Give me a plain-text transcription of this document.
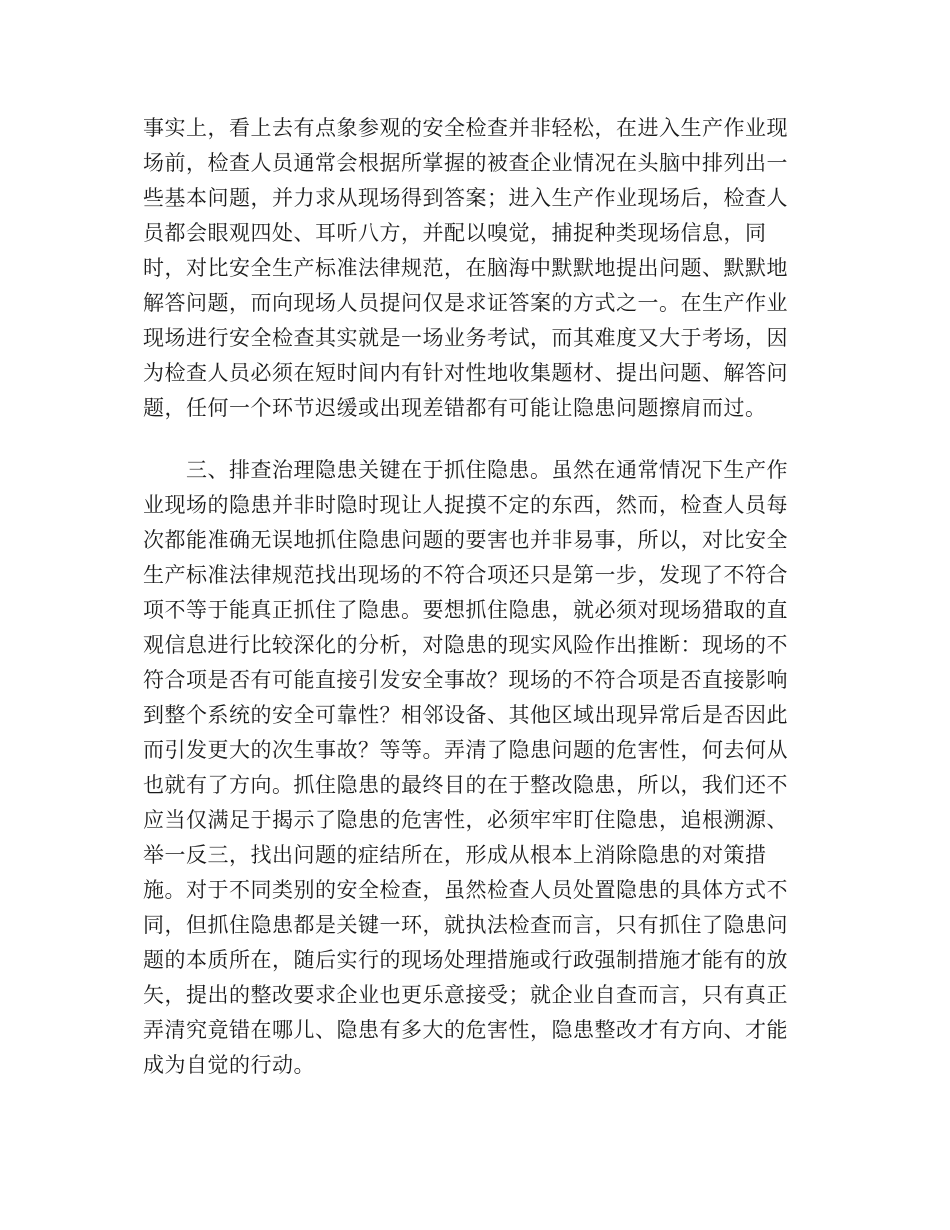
事实上，看上去有点象参观的安全检查并非轻松，在进入生产作业现
场前，检查人员通常会根据所掌握的被查企业情况在头脑中排列出一
些基本问题，并力求从现场得到答案；进入生产作业现场后，检查人
员都会眼观四处、耳听八方，并配以嗅觉，捕捉种类现场信息，同
时，对比安全生产标准法律规范，在脑海中默默地提出问题、默默地
解答问题，而向现场人员提问仅是求证答案的方式之一。在生产作业
现场进行安全检查其实就是一场业务考试，而其难度又大于考场，因
为检查人员必须在短时间内有针对性地收集题材、提出问题、解答问
题，任何一个环节迟缓或出现差错都有可能让隐患问题擦肩而过。
三、排查治理隐患关键在于抓住隐患。虽然在通常情况下生产作
业现场的隐患并非时隐时现让人捉摸不定的东西，然而，检查人员每
次都能准确无误地抓住隐患问题的要害也并非易事，所以，对比安全
生产标准法律规范找出现场的不符合项还只是第一步，发现了不符合
项不等于能真正抓住了隐患。要想抓住隐患，就必须对现场猎取的直
观信息进行比较深化的分析，对隐患的现实风险作出推断：现场的不
符合项是否有可能直接引发安全事故？现场的不符合项是否直接影响
到整个系统的安全可靠性？相邻设备、其他区域出现异常后是否因此
而引发更大的次生事故？等等。弄清了隐患问题的危害性，何去何从
也就有了方向。抓住隐患的最终目的在于整改隐患，所以，我们还不
应当仅满足于揭示了隐患的危害性，必须牢牢盯住隐患，追根溯源、
举一反三，找出问题的症结所在，形成从根本上消除隐患的对策措
施。对于不同类别的安全检查，虽然检查人员处置隐患的具体方式不
同，但抓住隐患都是关键一环，就执法检查而言，只有抓住了隐患问
题的本质所在，随后实行的现场处理措施或行政强制措施才能有的放
矢，提出的整改要求企业也更乐意接受；就企业自查而言，只有真正
弄清究竟错在哪儿、隐患有多大的危害性，隐患整改才有方向、才能
成为自觉的行动。
